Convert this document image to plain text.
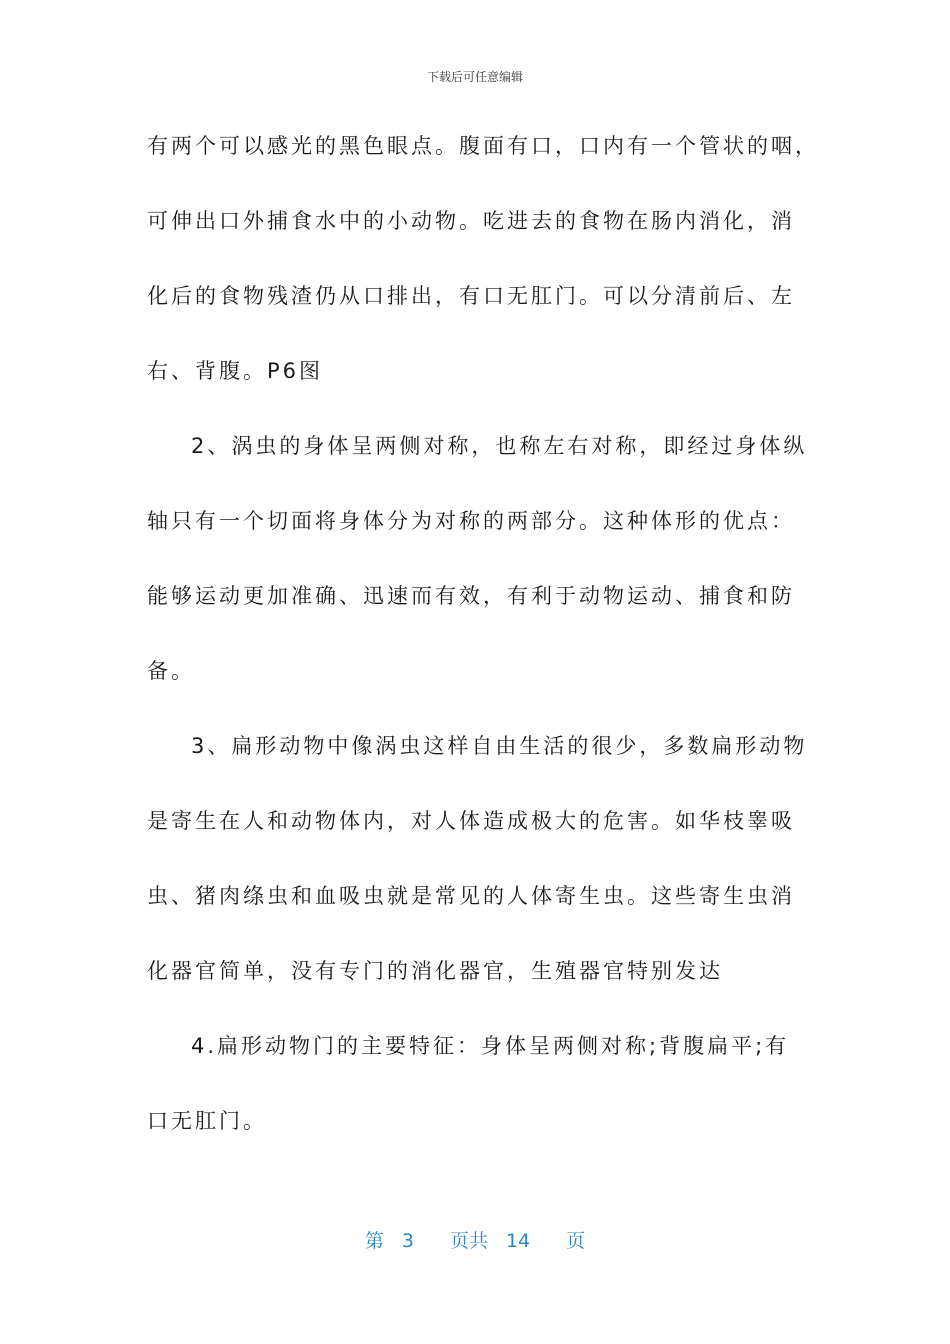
下载后可任意编辑
有两个可以感光的黑色眼点。腹面有口，口内有一个管状的咽，
可伸出口外捕食水中的小动物。吃进去的食物在肠内消化，消
化后的食物残渣仍从口排出，有口无肛门。可以分清前后、左
右、背腹。P6图
2、涡虫的身体呈两侧对称，也称左右对称，即经过身体纵
轴只有一个切面将身体分为对称的两部分。这种体形的优点：
能够运动更加准确、迅速而有效，有利于动物运动、捕食和防
备。
3、扁形动物中像涡虫这样自由生活的很少，多数扁形动物
是寄生在人和动物体内，对人体造成极大的危害。如华枝睾吸
虫、猪肉绦虫和血吸虫就是常见的人体寄生虫。这些寄生虫消
化器官简单，没有专门的消化器官，生殖器官特别发达
4.扁形动物门的主要特征：身体呈两侧对称;背腹扁平;有
口无肛门。
第 3 页共 14 页
